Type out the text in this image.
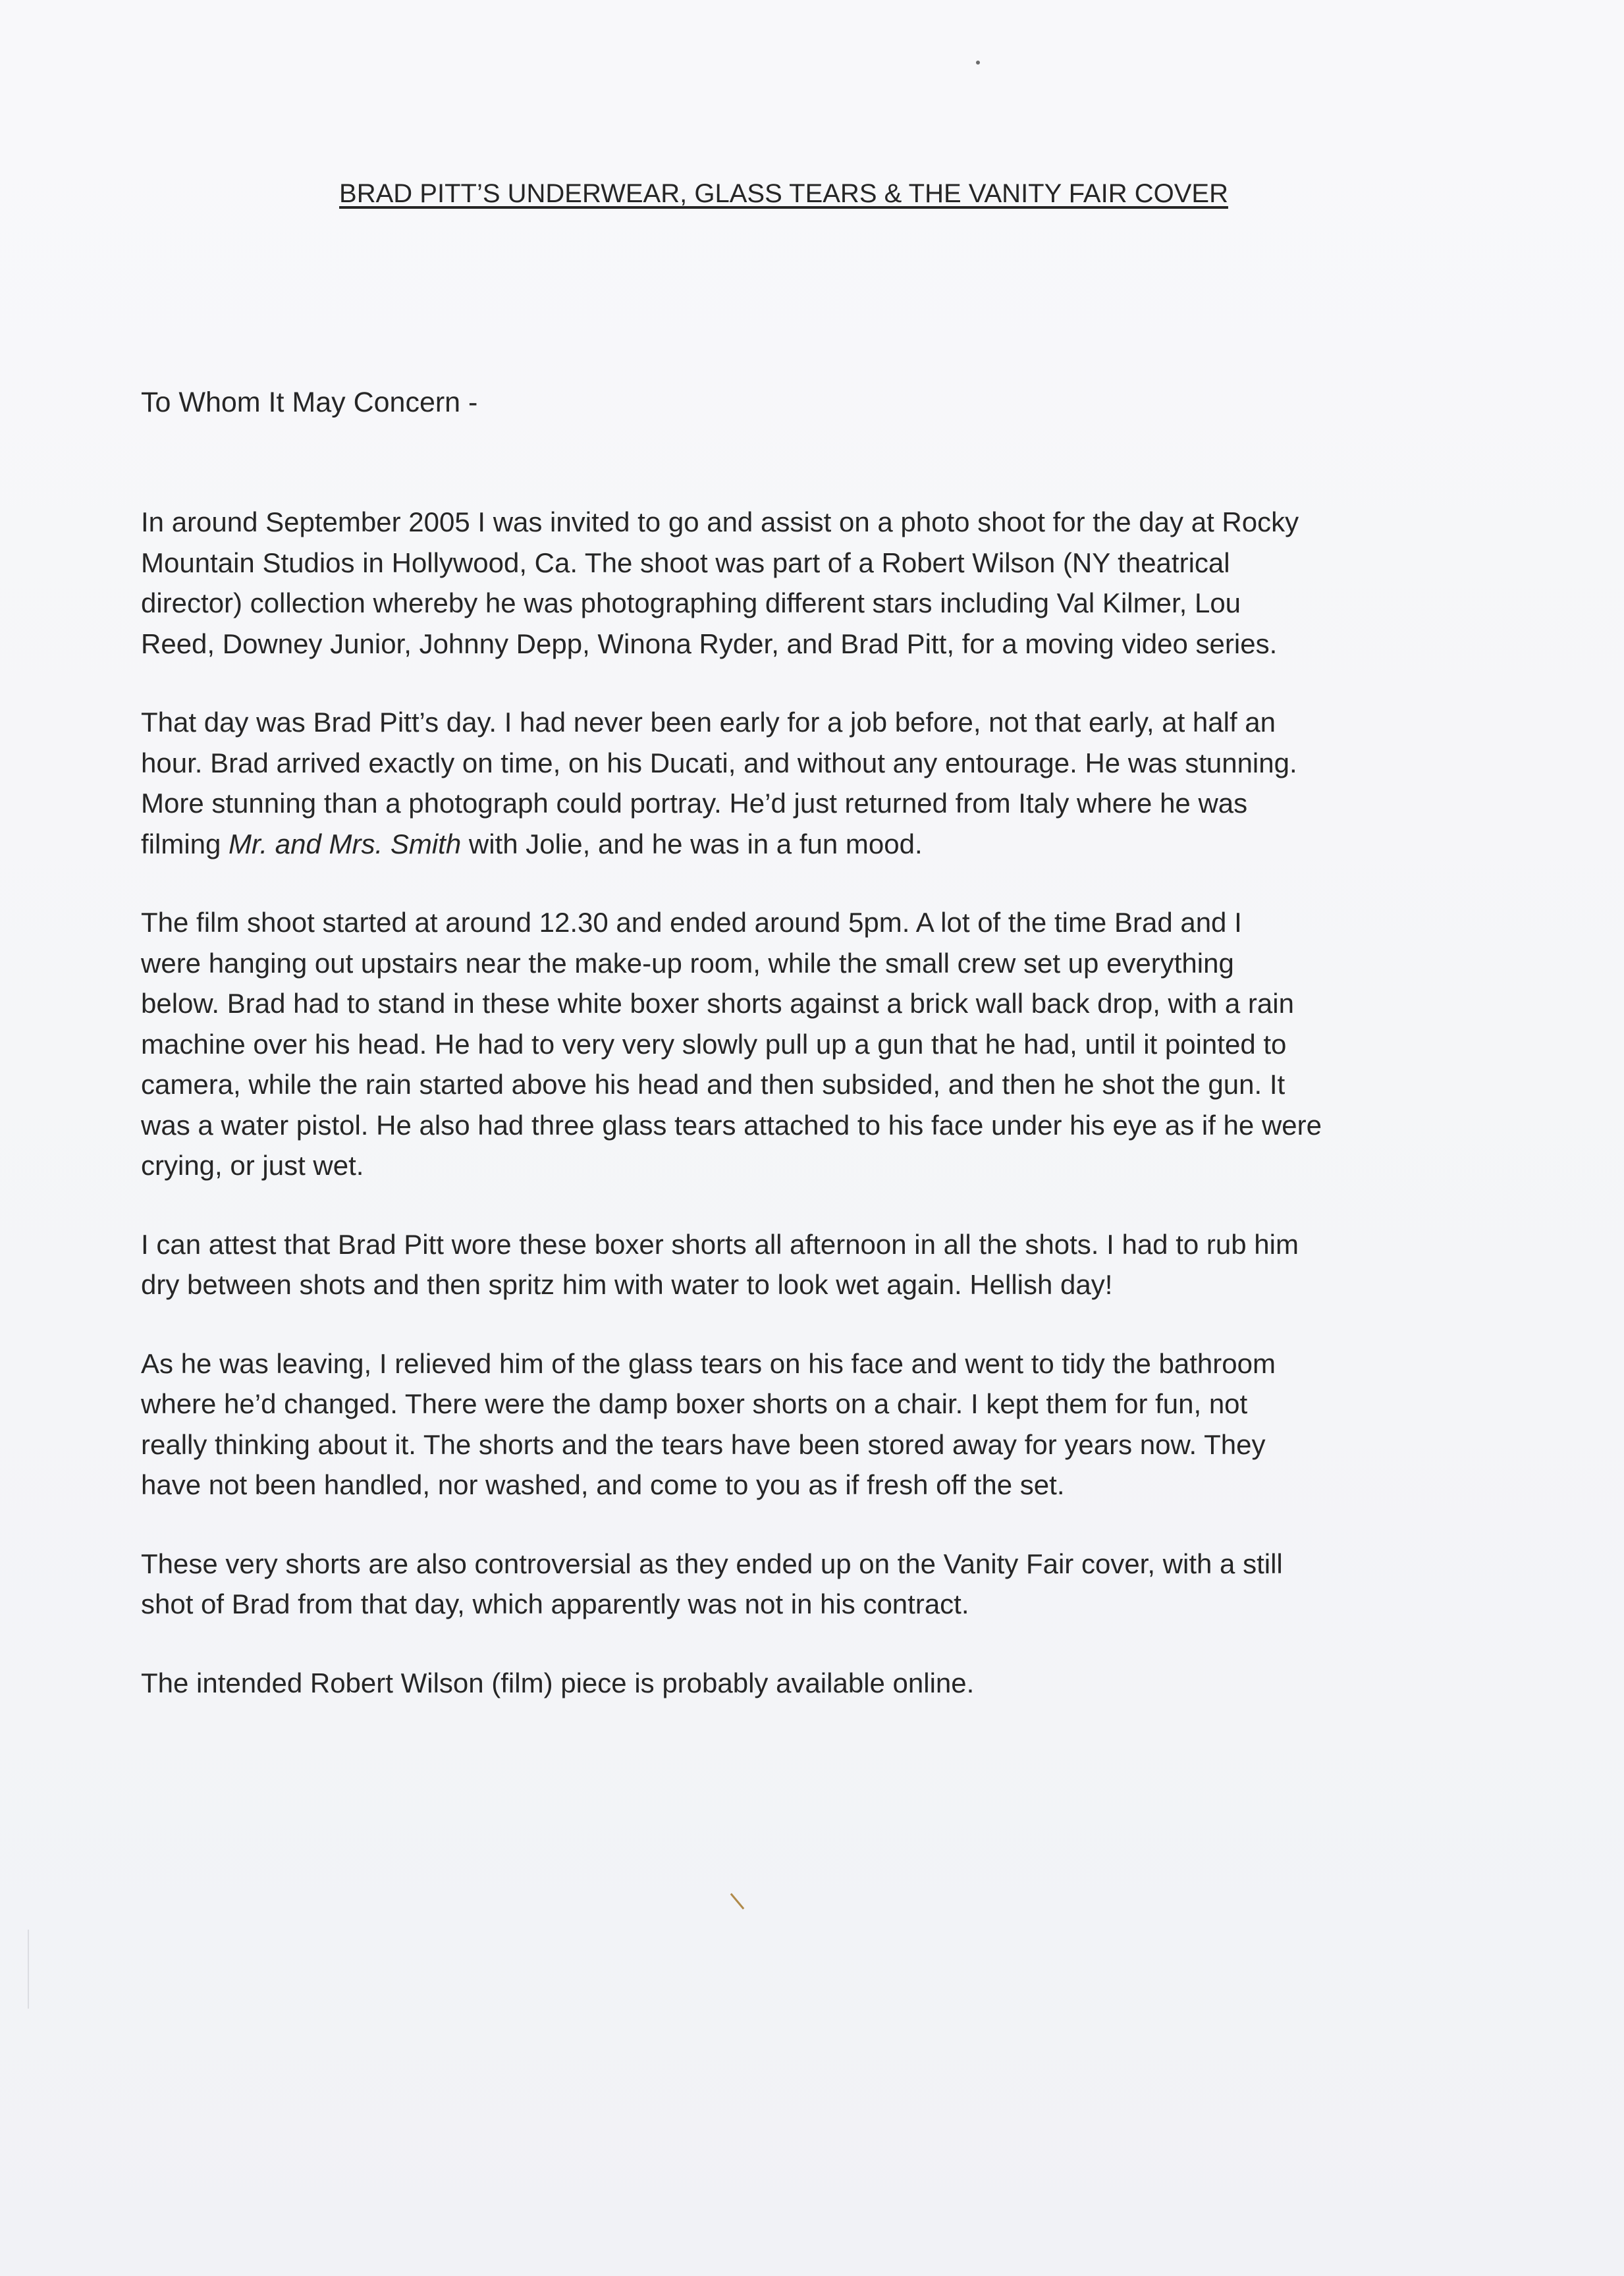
BRAD PITT’S UNDERWEAR, GLASS TEARS & THE VANITY FAIR COVER

To Whom It May Concern -

In around September 2005 I was invited to go and assist on a photo shoot for the day at Rocky
Mountain Studios in Hollywood, Ca. The shoot was part of a Robert Wilson (NY theatrical
director) collection whereby he was photographing different stars including Val Kilmer, Lou
Reed, Downey Junior, Johnny Depp, Winona Ryder, and Brad Pitt, for a moving video series.

That day was Brad Pitt’s day. I had never been early for a job before, not that early, at half an
hour. Brad arrived exactly on time, on his Ducati, and without any entourage. He was stunning.
More stunning than a photograph could portray. He’d just returned from Italy where he was
filming Mr. and Mrs. Smith with Jolie, and he was in a fun mood.

The film shoot started at around 12.30 and ended around 5pm. A lot of the time Brad and I
were hanging out upstairs near the make-up room, while the small crew set up everything
below. Brad had to stand in these white boxer shorts against a brick wall back drop, with a rain
machine over his head. He had to very very slowly pull up a gun that he had, until it pointed to
camera, while the rain started above his head and then subsided, and then he shot the gun. It
was a water pistol. He also had three glass tears attached to his face under his eye as if he were
crying, or just wet.

I can attest that Brad Pitt wore these boxer shorts all afternoon in all the shots. I had to rub him
dry between shots and then spritz him with water to look wet again. Hellish day!

As he was leaving, I relieved him of the glass tears on his face and went to tidy the bathroom
where he’d changed. There were the damp boxer shorts on a chair. I kept them for fun, not
really thinking about it. The shorts and the tears have been stored away for years now. They
have not been handled, nor washed, and come to you as if fresh off the set.

These very shorts are also controversial as they ended up on the Vanity Fair cover, with a still
shot of Brad from that day, which apparently was not in his contract.

The intended Robert Wilson (film) piece is probably available online.
